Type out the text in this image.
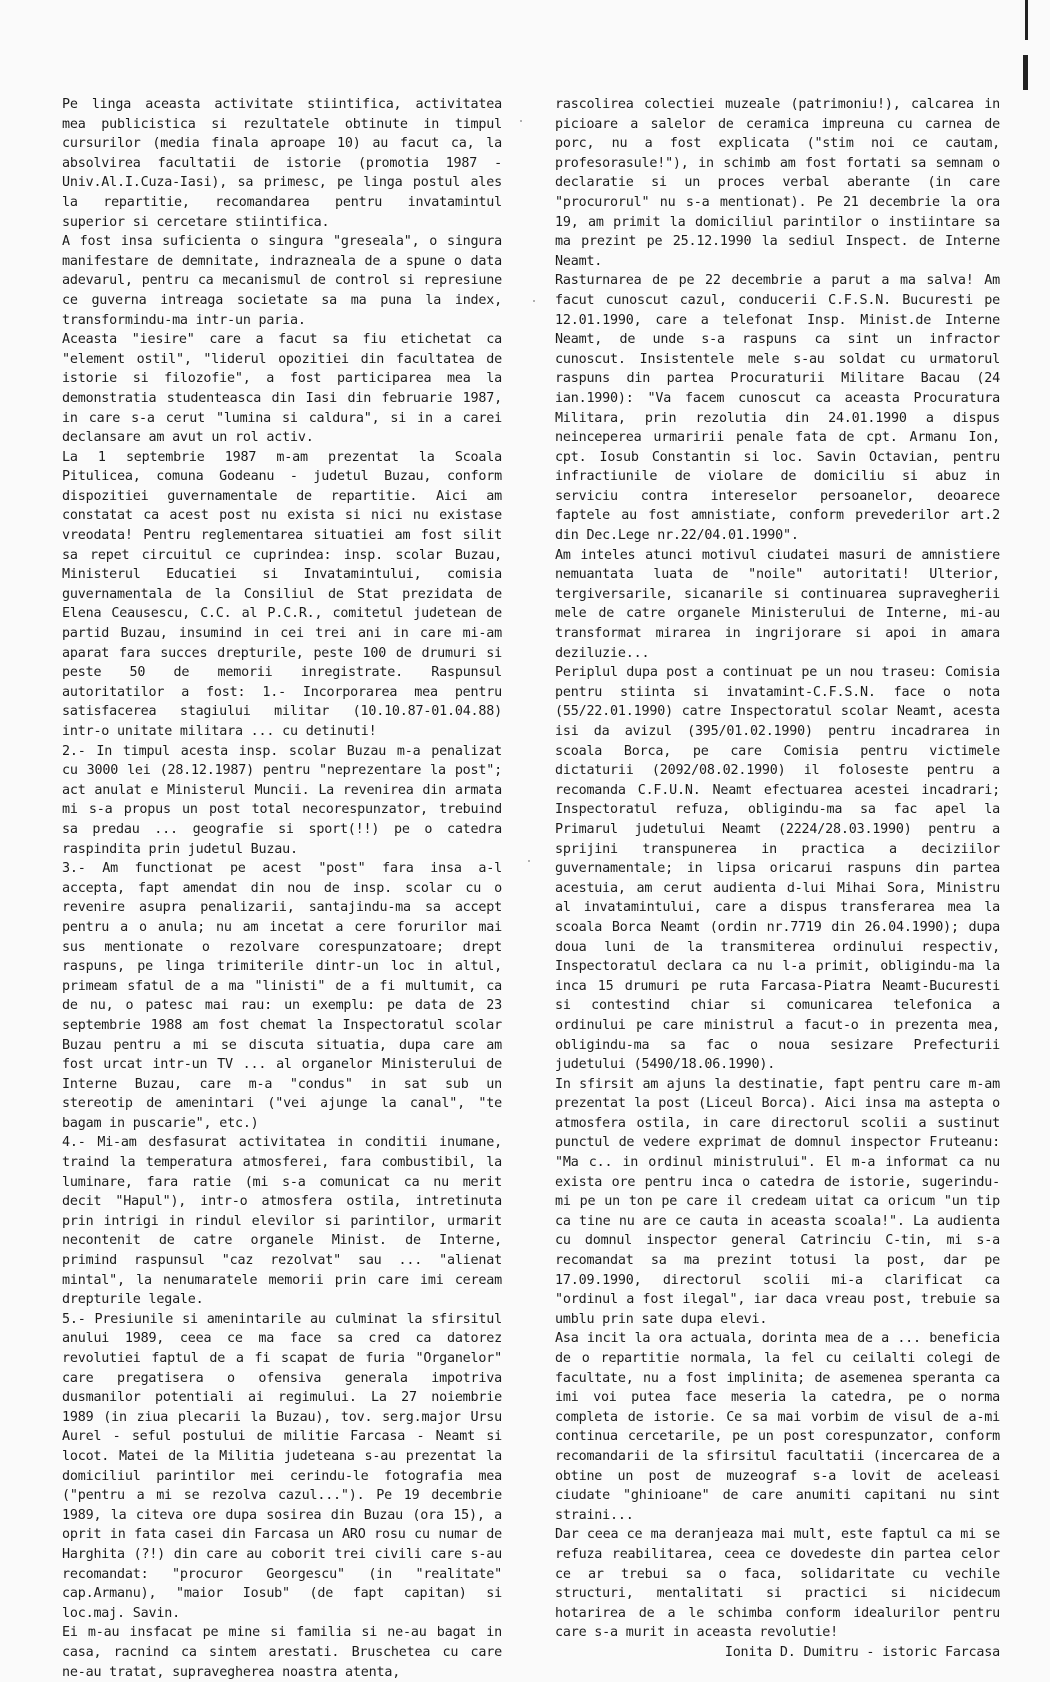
Pe linga aceasta activitate stiintifica, activitatea mea publicistica si rezultatele obtinute in timpul cursurilor (media finala aproape 10) au facut ca, la absolvirea facultatii de istorie (promotia 1987 - Univ.Al.I.Cuza-Iasi), sa primesc, pe linga postul ales la repartitie, recomandarea pentru invatamintul superior si cercetare stiintifica.

A fost insa suficienta o singura "greseala", o singura manifestare de demnitate, indrazneala de a spune o data adevarul, pentru ca mecanismul de control si represiune ce guverna intreaga societate sa ma puna la index, transformindu-ma intr-un paria.

Aceasta "iesire" care a facut sa fiu etichetat ca "element ostil", "liderul opozitiei din facultatea de istorie si filozofie", a fost participarea mea la demonstratia studenteasca din Iasi din februarie 1987, in care s-a cerut "lumina si caldura", si in a carei declansare am avut un rol activ.

La 1 septembrie 1987 m-am prezentat la Scoala Pitulicea, comuna Godeanu - judetul Buzau, conform dispozitiei guvernamentale de repartitie. Aici am constatat ca acest post nu exista si nici nu existase vreodata! Pentru reglementarea situatiei am fost silit sa repet circuitul ce cuprindea: insp. scolar Buzau, Ministerul Educatiei si Invatamintului, comisia guvernamentala de la Consiliul de Stat prezidata de Elena Ceausescu, C.C. al P.C.R., comitetul judetean de partid Buzau, insumind in cei trei ani in care mi-am aparat fara succes drepturile, peste 100 de drumuri si peste 50 de memorii inregistrate. Raspunsul autoritatilor a fost: 1.- Incorporarea mea pentru satisfacerea stagiului militar (10.10.87-01.04.88) intr-o unitate militara ... cu detinuti!

2.- In timpul acesta insp. scolar Buzau m-a penalizat cu 3000 lei (28.12.1987) pentru "neprezentare la post"; act anulat e Ministerul Muncii. La revenirea din armata mi s-a propus un post total necorespunzator, trebuind sa predau ... geografie si sport(!!) pe o catedra raspindita prin judetul Buzau.

3.- Am functionat pe acest "post" fara insa a-l accepta, fapt amendat din nou de insp. scolar cu o revenire asupra penalizarii, santajindu-ma sa accept pentru a o anula; nu am incetat a cere forurilor mai sus mentionate o rezolvare corespunzatoare; drept raspuns, pe linga trimiterile dintr-un loc in altul, primeam sfatul de a ma "linisti" de a fi multumit, ca de nu, o patesc mai rau: un exemplu: pe data de 23 septembrie 1988 am fost chemat la Inspectoratul scolar Buzau pentru a mi se discuta situatia, dupa care am fost urcat intr-un TV ... al organelor Ministerului de Interne Buzau, care m-a "condus" in sat sub un stereotip de amenintari ("vei ajunge la canal", "te bagam in puscarie", etc.)

4.- Mi-am desfasurat activitatea in conditii inumane, traind la temperatura atmosferei, fara combustibil, la luminare, fara ratie (mi s-a comunicat ca nu merit decit "Hapul"), intr-o atmosfera ostila, intretinuta prin intrigi in rindul elevilor si parintilor, urmarit necontenit de catre organele Minist. de Interne, primind raspunsul "caz rezolvat" sau ... "alienat mintal", la nenumaratele memorii prin care imi ceream drepturile legale.

5.- Presiunile si amenintarile au culminat la sfirsitul anului 1989, ceea ce ma face sa cred ca datorez revolutiei faptul de a fi scapat de furia "Organelor" care pregatisera o ofensiva generala impotriva dusmanilor potentiali ai regimului. La 27 noiembrie 1989 (in ziua plecarii la Buzau), tov. serg.major Ursu Aurel - seful postului de militie Farcasa - Neamt si locot. Matei de la Militia judeteana s-au prezentat la domiciliul parintilor mei cerindu-le fotografia mea ("pentru a mi se rezolva cazul..."). Pe 19 decembrie 1989, la citeva ore dupa sosirea din Buzau (ora 15), a oprit in fata casei din Farcasa un ARO rosu cu numar de Harghita (?!) din care au coborit trei civili care s-au recomandat: "procuror Georgescu" (in "realitate" cap.Armanu), "maior Iosub" (de fapt capitan) si loc.maj. Savin.

Ei m-au insfacat pe mine si familia si ne-au bagat in casa, racnind ca sintem arestati. Bruschetea cu care ne-au tratat, supravegherea noastra atenta,

rascolirea colectiei muzeale (patrimoniu!), calcarea in picioare a salelor de ceramica impreuna cu carnea de porc, nu a fost explicata ("stim noi ce cautam, profesorasule!"), in schimb am fost fortati sa semnam o declaratie si un proces verbal aberante (in care "procurorul" nu s-a mentionat). Pe 21 decembrie la ora 19, am primit la domiciliul parintilor o instiintare sa ma prezint pe 25.12.1990 la sediul Inspect. de Interne Neamt.

Rasturnarea de pe 22 decembrie a parut a ma salva! Am facut cunoscut cazul, conducerii C.F.S.N. Bucuresti pe 12.01.1990, care a telefonat Insp. Minist.de Interne Neamt, de unde s-a raspuns ca sint un infractor cunoscut. Insistentele mele s-au soldat cu urmatorul raspuns din partea Procuraturii Militare Bacau (24 ian.1990): "Va facem cunoscut ca aceasta Procuratura Militara, prin rezolutia din 24.01.1990 a dispus neinceperea urmaririi penale fata de cpt. Armanu Ion, cpt. Iosub Constantin si loc. Savin Octavian, pentru infractiunile de violare de domiciliu si abuz in serviciu contra intereselor persoanelor, deoarece faptele au fost amnistiate, conform prevederilor art.2 din Dec.Lege nr.22/04.01.1990".

Am inteles atunci motivul ciudatei masuri de amnistiere nemuantata luata de "noile" autoritati! Ulterior, tergiversarile, sicanarile si continuarea supravegherii mele de catre organele Ministerului de Interne, mi-au transformat mirarea in ingrijorare si apoi in amara deziluzie...

Periplul dupa post a continuat pe un nou traseu: Comisia pentru stiinta si invatamint-C.F.S.N. face o nota (55/22.01.1990) catre Inspectoratul scolar Neamt, acesta isi da avizul (395/01.02.1990) pentru incadrarea in scoala Borca, pe care Comisia pentru victimele dictaturii (2092/08.02.1990) il foloseste pentru a recomanda C.F.U.N. Neamt efectuarea acestei incadrari; Inspectoratul refuza, obligindu-ma sa fac apel la Primarul judetului Neamt (2224/28.03.1990) pentru a sprijini transpunerea in practica a deciziilor guvernamentale; in lipsa oricarui raspuns din partea acestuia, am cerut audienta d-lui Mihai Sora, Ministru al invatamintului, care a dispus transferarea mea la scoala Borca Neamt (ordin nr.7719 din 26.04.1990); dupa doua luni de la transmiterea ordinului respectiv, Inspectoratul declara ca nu l-a primit, obligindu-ma la inca 15 drumuri pe ruta Farcasa-Piatra Neamt-Bucuresti si contestind chiar si comunicarea telefonica a ordinului pe care ministrul a facut-o in prezenta mea, obligindu-ma sa fac o noua sesizare Prefecturii judetului (5490/18.06.1990).

In sfirsit am ajuns la destinatie, fapt pentru care m-am prezentat la post (Liceul Borca). Aici insa ma astepta o atmosfera ostila, in care directorul scolii a sustinut punctul de vedere exprimat de domnul inspector Fruteanu: "Ma c.. in ordinul ministrului". El m-a informat ca nu exista ore pentru inca o catedra de istorie, sugerindu-mi pe un ton pe care il credeam uitat ca oricum "un tip ca tine nu are ce cauta in aceasta scoala!". La audienta cu domnul inspector general Catrinciu C-tin, mi s-a recomandat sa ma prezint totusi la post, dar pe 17.09.1990, directorul scolii mi-a clarificat ca "ordinul a fost ilegal", iar daca vreau post, trebuie sa umblu prin sate dupa elevi.

Asa incit la ora actuala, dorinta mea de a ... beneficia de o repartitie normala, la fel cu ceilalti colegi de facultate, nu a fost implinita; de asemenea speranta ca imi voi putea face meseria la catedra, pe o norma completa de istorie. Ce sa mai vorbim de visul de a-mi continua cercetarile, pe un post corespunzator, conform recomandarii de la sfirsitul facultatii (incercarea de a obtine un post de muzeograf s-a lovit de aceleasi ciudate "ghinioane" de care anumiti capitani nu sint straini...

Dar ceea ce ma deranjeaza mai mult, este faptul ca mi se refuza reabilitarea, ceea ce dovedeste din partea celor ce ar trebui sa o faca, solidaritate cu vechile structuri, mentalitati si practici si nicidecum hotarirea de a le schimba conform idealurilor pentru care s-a murit in aceasta revolutie!

Ionita D. Dumitru - istoric Farcasa
